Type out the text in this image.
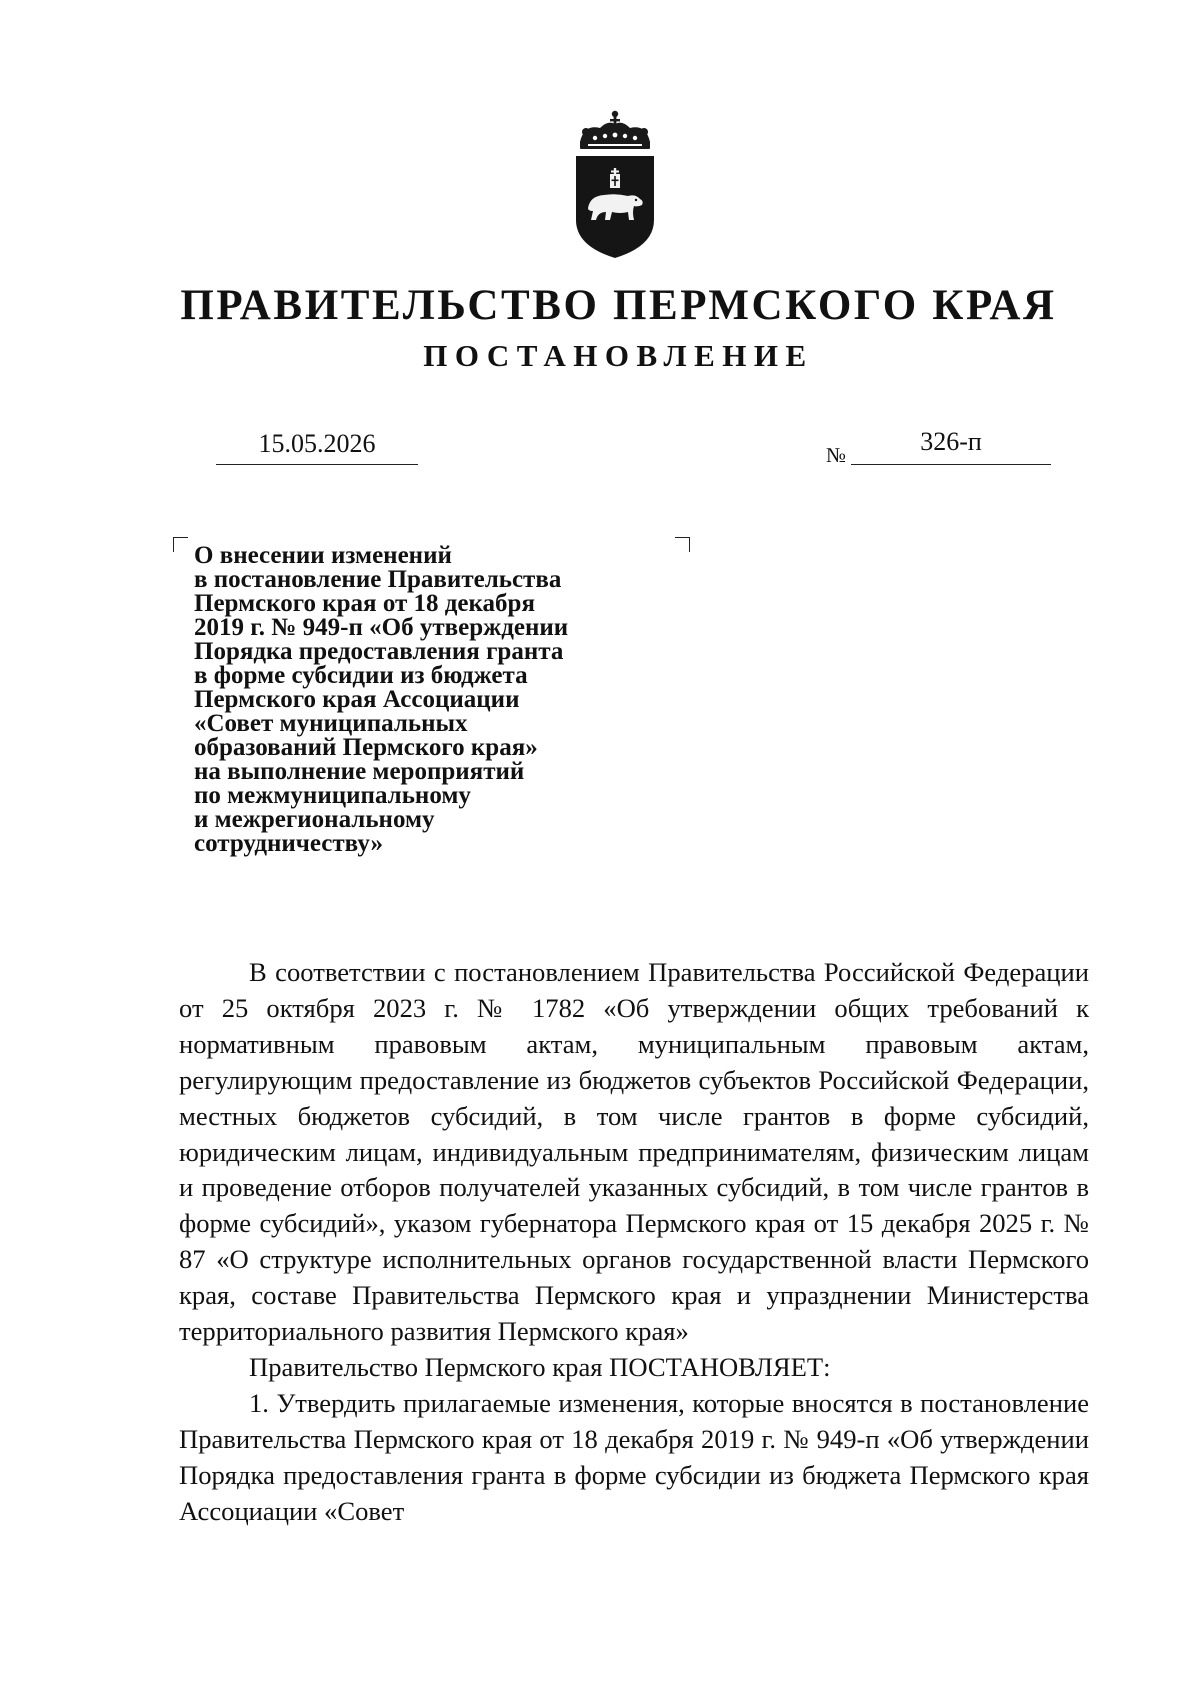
ПРАВИТЕЛЬСТВО ПЕРМСКОГО КРАЯ
ПОСТАНОВЛЕНИЕ
15.05.2026	№	326-п
О внесении изменений
в постановление Правительства
Пермского края от 18 декабря
2019 г. № 949-п «Об утверждении
Порядка предоставления гранта
в форме субсидии из бюджета
Пермского края Ассоциации
«Совет муниципальных
образований Пермского края»
на выполнение мероприятий
по межмуниципальному
и межрегиональному
сотрудничеству»

В соответствии с постановлением Правительства Российской Федерации от 25 октября 2023 г. № 1782 «Об утверждении общих требований к нормативным правовым актам, муниципальным правовым актам, регулирующим предоставление из бюджетов субъектов Российской Федерации, местных бюджетов субсидий, в том числе грантов в форме субсидий, юридическим лицам, индивидуальным предпринимателям, физическим лицам и проведение отборов получателей указанных субсидий, в том числе грантов в форме субсидий», указом губернатора Пермского края от 15 декабря 2025 г. № 87 «О структуре исполнительных органов государственной власти Пермского края, составе Правительства Пермского края и упразднении Министерства территориального развития Пермского края»

Правительство Пермского края ПОСТАНОВЛЯЕТ:

1. Утвердить прилагаемые изменения, которые вносятся в постановление Правительства Пермского края от 18 декабря 2019 г. № 949-п «Об утверждении Порядка предоставления гранта в форме субсидии из бюджета Пермского края Ассоциации «Совет
